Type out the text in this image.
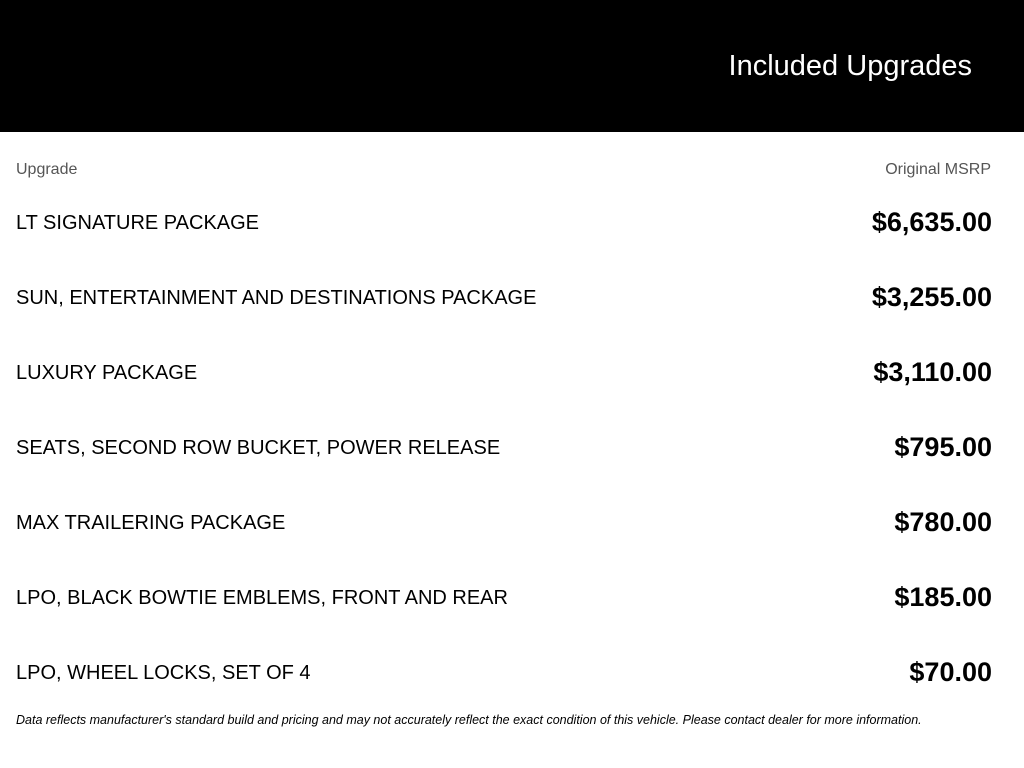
Included Upgrades
Upgrade	Original MSRP
LT SIGNATURE PACKAGE	$6,635.00
SUN, ENTERTAINMENT AND DESTINATIONS PACKAGE	$3,255.00
LUXURY PACKAGE	$3,110.00
SEATS, SECOND ROW BUCKET, POWER RELEASE	$795.00
MAX TRAILERING PACKAGE	$780.00
LPO, BLACK BOWTIE EMBLEMS, FRONT AND REAR	$185.00
LPO, WHEEL LOCKS, SET OF 4	$70.00
Data reflects manufacturer's standard build and pricing and may not accurately reflect the exact condition of this vehicle. Please contact dealer for more information.
